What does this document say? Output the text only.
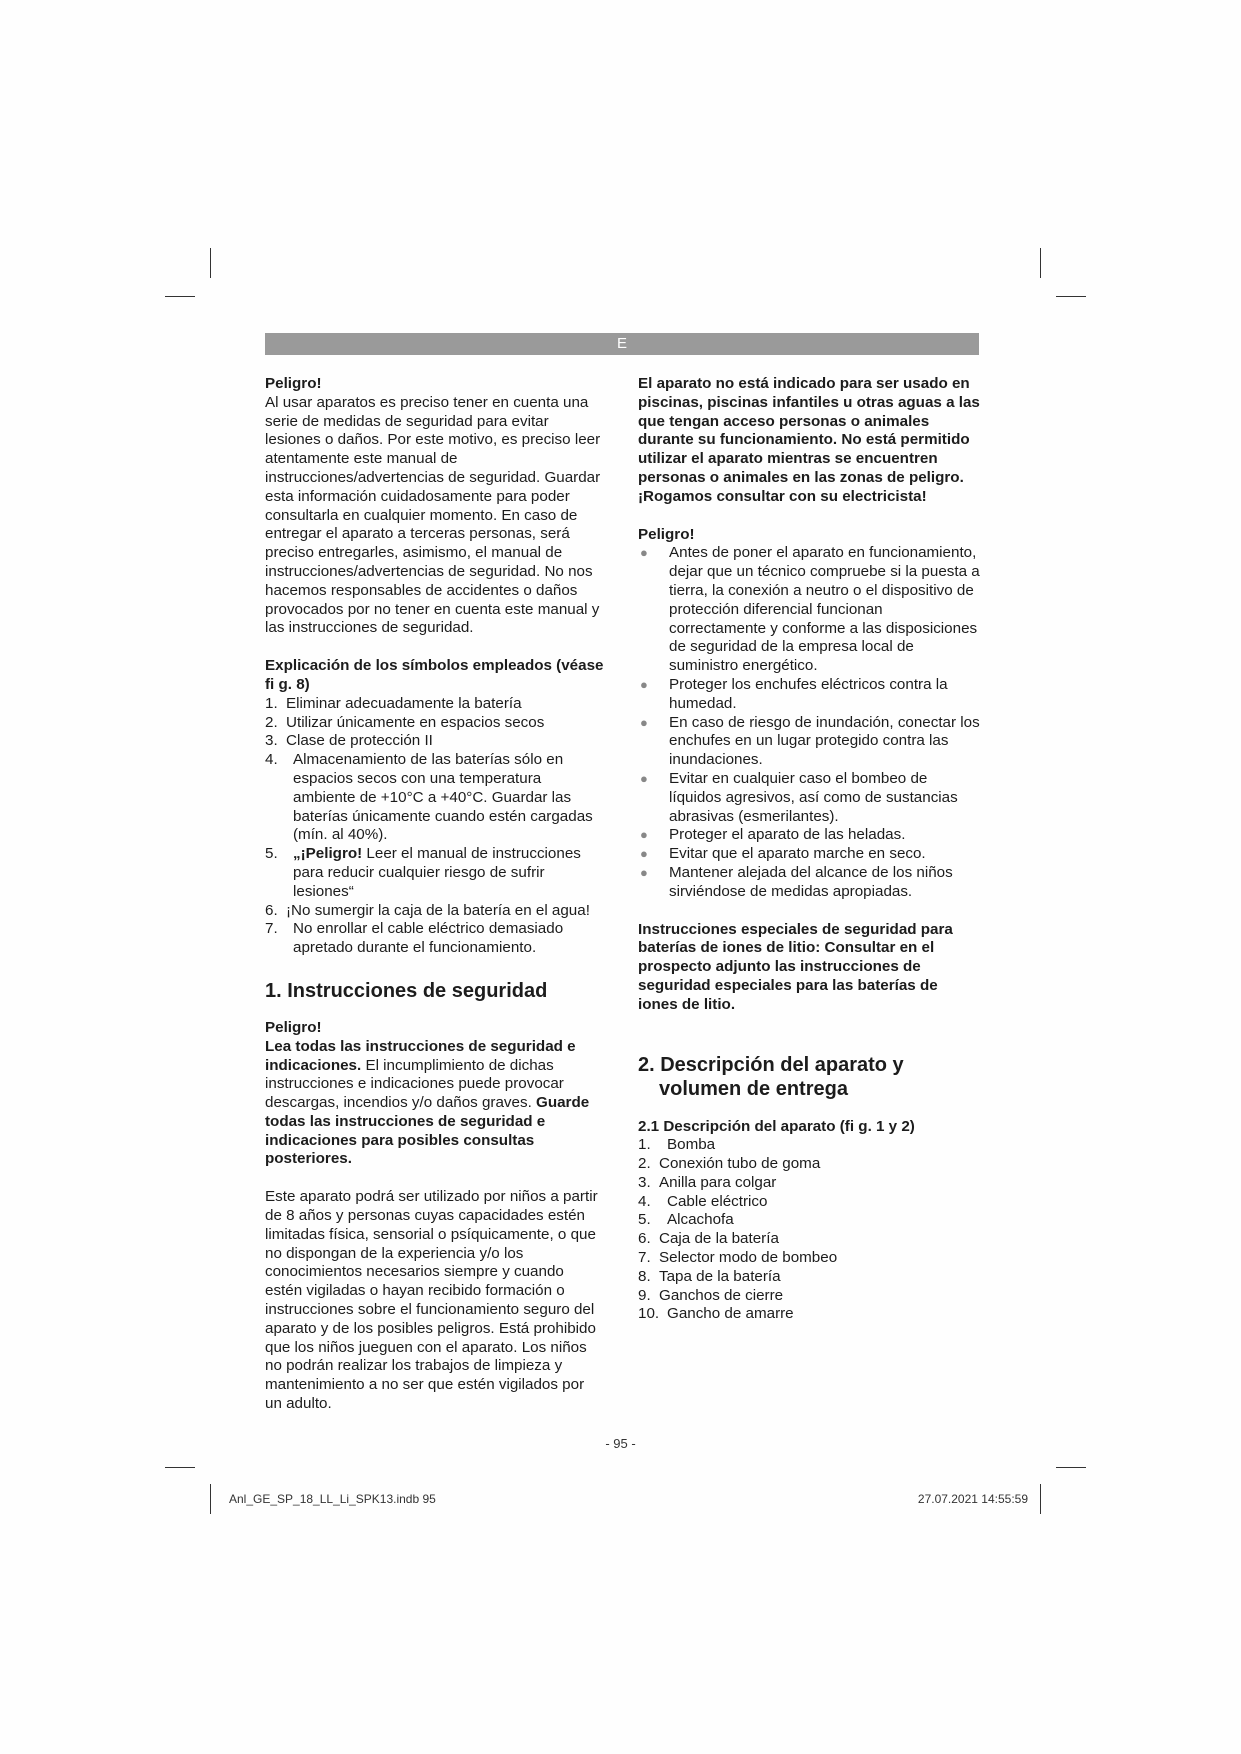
E

Peligro!

Al usar aparatos es preciso tener en cuenta una serie de medidas de seguridad para evitar lesiones o daños. Por este motivo, es preciso leer atentamente este manual de instrucciones/advertencias de seguridad. Guardar esta información cuidadosamente para poder consultarla en cualquier momento. En caso de entregar el aparato a terceras personas, será preciso entregarles, asimismo, el manual de instrucciones/advertencias de seguridad. No nos hacemos responsables de accidentes o daños provocados por no tener en cuenta este manual y las instrucciones de seguridad.

Explicación de los símbolos empleados (véase fi g. 8)

1. Eliminar adecuadamente la batería
2. Utilizar únicamente en espacios secos
3. Clase de protección II
4. Almacenamiento de las baterías sólo en espacios secos con una temperatura ambiente de +10°C a +40°C. Guardar las baterías únicamente cuando estén cargadas (mín. al 40%).
5. „¡Peligro! Leer el manual de instrucciones para reducir cualquier riesgo de sufrir lesiones“
6. ¡No sumergir la caja de la batería en el agua!
7. No enrollar el cable eléctrico demasiado apretado durante el funcionamiento.

1. Instrucciones de seguridad

Peligro!

Lea todas las instrucciones de seguridad e indicaciones. El incumplimiento de dichas instrucciones e indicaciones puede provocar descargas, incendios y/o daños graves. Guarde todas las instrucciones de seguridad e indicaciones para posibles consultas posteriores.

Este aparato podrá ser utilizado por niños a partir de 8 años y personas cuyas capacidades estén limitadas física, sensorial o psíquicamente, o que no dispongan de la experiencia y/o los conocimientos necesarios siempre y cuando estén vigiladas o hayan recibido formación o instrucciones sobre el funcionamiento seguro del aparato y de los posibles peligros. Está prohibido que los niños jueguen con el aparato. Los niños no podrán realizar los trabajos de limpieza y mantenimiento a no ser que estén vigilados por un adulto.

El aparato no está indicado para ser usado en piscinas, piscinas infantiles u otras aguas a las que tengan acceso personas o animales durante su funcionamiento. No está permitido utilizar el aparato mientras se encuentren personas o animales en las zonas de peligro. ¡Rogamos consultar con su electricista!

Peligro!

● Antes de poner el aparato en funcionamiento, dejar que un técnico compruebe si la puesta a tierra, la conexión a neutro o el dispositivo de protección diferencial funcionan correctamente y conforme a las disposiciones de seguridad de la empresa local de suministro energético.
● Proteger los enchufes eléctricos contra la humedad.
● En caso de riesgo de inundación, conectar los enchufes en un lugar protegido contra las inundaciones.
● Evitar en cualquier caso el bombeo de líquidos agresivos, así como de sustancias abrasivas (esmerilantes).
● Proteger el aparato de las heladas.
● Evitar que el aparato marche en seco.
● Mantener alejada del alcance de los niños sirviéndose de medidas apropiadas.

Instrucciones especiales de seguridad para baterías de iones de litio: Consultar en el prospecto adjunto las instrucciones de seguridad especiales para las baterías de iones de litio.

2. Descripción del aparato y
volumen de entrega

2.1 Descripción del aparato (fi g. 1 y 2)

1. Bomba
2. Conexión tubo de goma
3. Anilla para colgar
4. Cable eléctrico
5. Alcachofa
6. Caja de la batería
7. Selector modo de bombeo
8. Tapa de la batería
9. Ganchos de cierre
10. Gancho de amarre
- 95 -
Anl_GE_SP_18_LL_Li_SPK13.indb 95	27.07.2021 14:55:59
